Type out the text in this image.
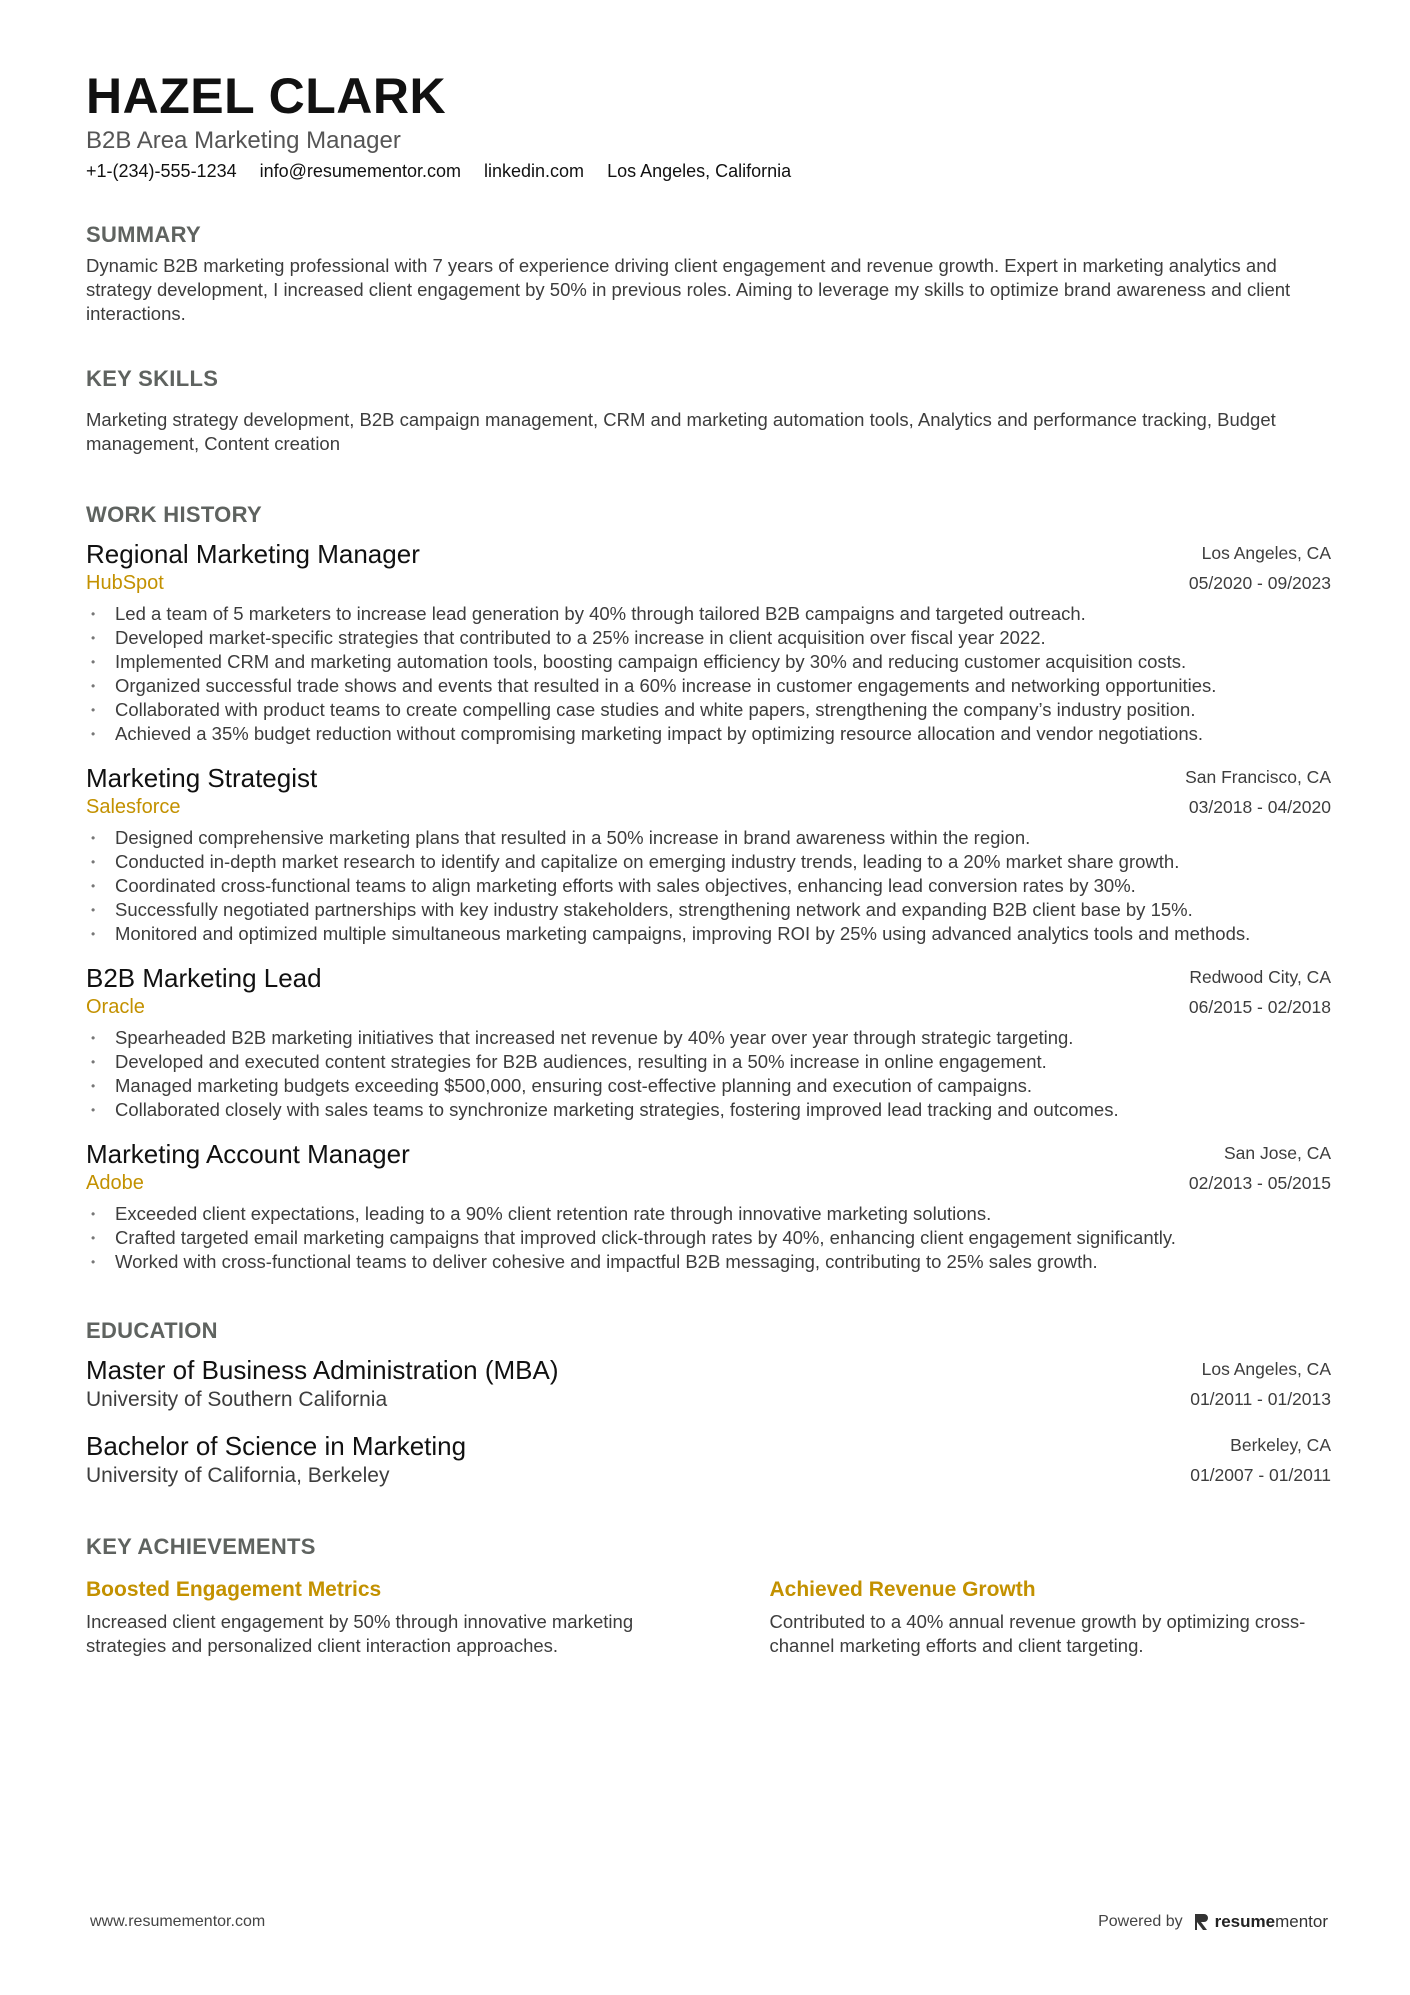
HAZEL CLARK
B2B Area Marketing Manager
+1-(234)-555-1234 info@resumementor.com linkedin.com Los Angeles, California
SUMMARY

Dynamic B2B marketing professional with 7 years of experience driving client engagement and revenue growth. Expert in marketing analytics and strategy development, I increased client engagement by 50% in previous roles. Aiming to leverage my skills to optimize brand awareness and client interactions.

KEY SKILLS

Marketing strategy development, B2B campaign management, CRM and marketing automation tools, Analytics and performance tracking, Budget management, Content creation

WORK HISTORY
Regional Marketing Manager
HubSpot
Los Angeles, CA
05/2020 - 09/2023
• Led a team of 5 marketers to increase lead generation by 40% through tailored B2B campaigns and targeted outreach.
• Developed market-specific strategies that contributed to a 25% increase in client acquisition over fiscal year 2022.
• Implemented CRM and marketing automation tools, boosting campaign efficiency by 30% and reducing customer acquisition costs.
• Organized successful trade shows and events that resulted in a 60% increase in customer engagements and networking opportunities.
• Collaborated with product teams to create compelling case studies and white papers, strengthening the company’s industry position.
• Achieved a 35% budget reduction without compromising marketing impact by optimizing resource allocation and vendor negotiations.
Marketing Strategist
Salesforce
San Francisco, CA
03/2018 - 04/2020
• Designed comprehensive marketing plans that resulted in a 50% increase in brand awareness within the region.
• Conducted in-depth market research to identify and capitalize on emerging industry trends, leading to a 20% market share growth.
• Coordinated cross-functional teams to align marketing efforts with sales objectives, enhancing lead conversion rates by 30%.
• Successfully negotiated partnerships with key industry stakeholders, strengthening network and expanding B2B client base by 15%.
• Monitored and optimized multiple simultaneous marketing campaigns, improving ROI by 25% using advanced analytics tools and methods.
B2B Marketing Lead
Oracle
Redwood City, CA
06/2015 - 02/2018
• Spearheaded B2B marketing initiatives that increased net revenue by 40% year over year through strategic targeting.
• Developed and executed content strategies for B2B audiences, resulting in a 50% increase in online engagement.
• Managed marketing budgets exceeding $500,000, ensuring cost-effective planning and execution of campaigns.
• Collaborated closely with sales teams to synchronize marketing strategies, fostering improved lead tracking and outcomes.
Marketing Account Manager
Adobe
San Jose, CA
02/2013 - 05/2015
• Exceeded client expectations, leading to a 90% client retention rate through innovative marketing solutions.
• Crafted targeted email marketing campaigns that improved click-through rates by 40%, enhancing client engagement significantly.
• Worked with cross-functional teams to deliver cohesive and impactful B2B messaging, contributing to 25% sales growth.
EDUCATION
Master of Business Administration (MBA)
University of Southern California
Los Angeles, CA
01/2011 - 01/2013
Bachelor of Science in Marketing
University of California, Berkeley
Berkeley, CA
01/2007 - 01/2011
KEY ACHIEVEMENTS
Boosted Engagement Metrics
Increased client engagement by 50% through innovative marketing strategies and personalized client interaction approaches.
Achieved Revenue Growth
Contributed to a 40% annual revenue growth by optimizing cross-channel marketing efforts and client targeting.
www.resumementor.com	Powered by resumementor
